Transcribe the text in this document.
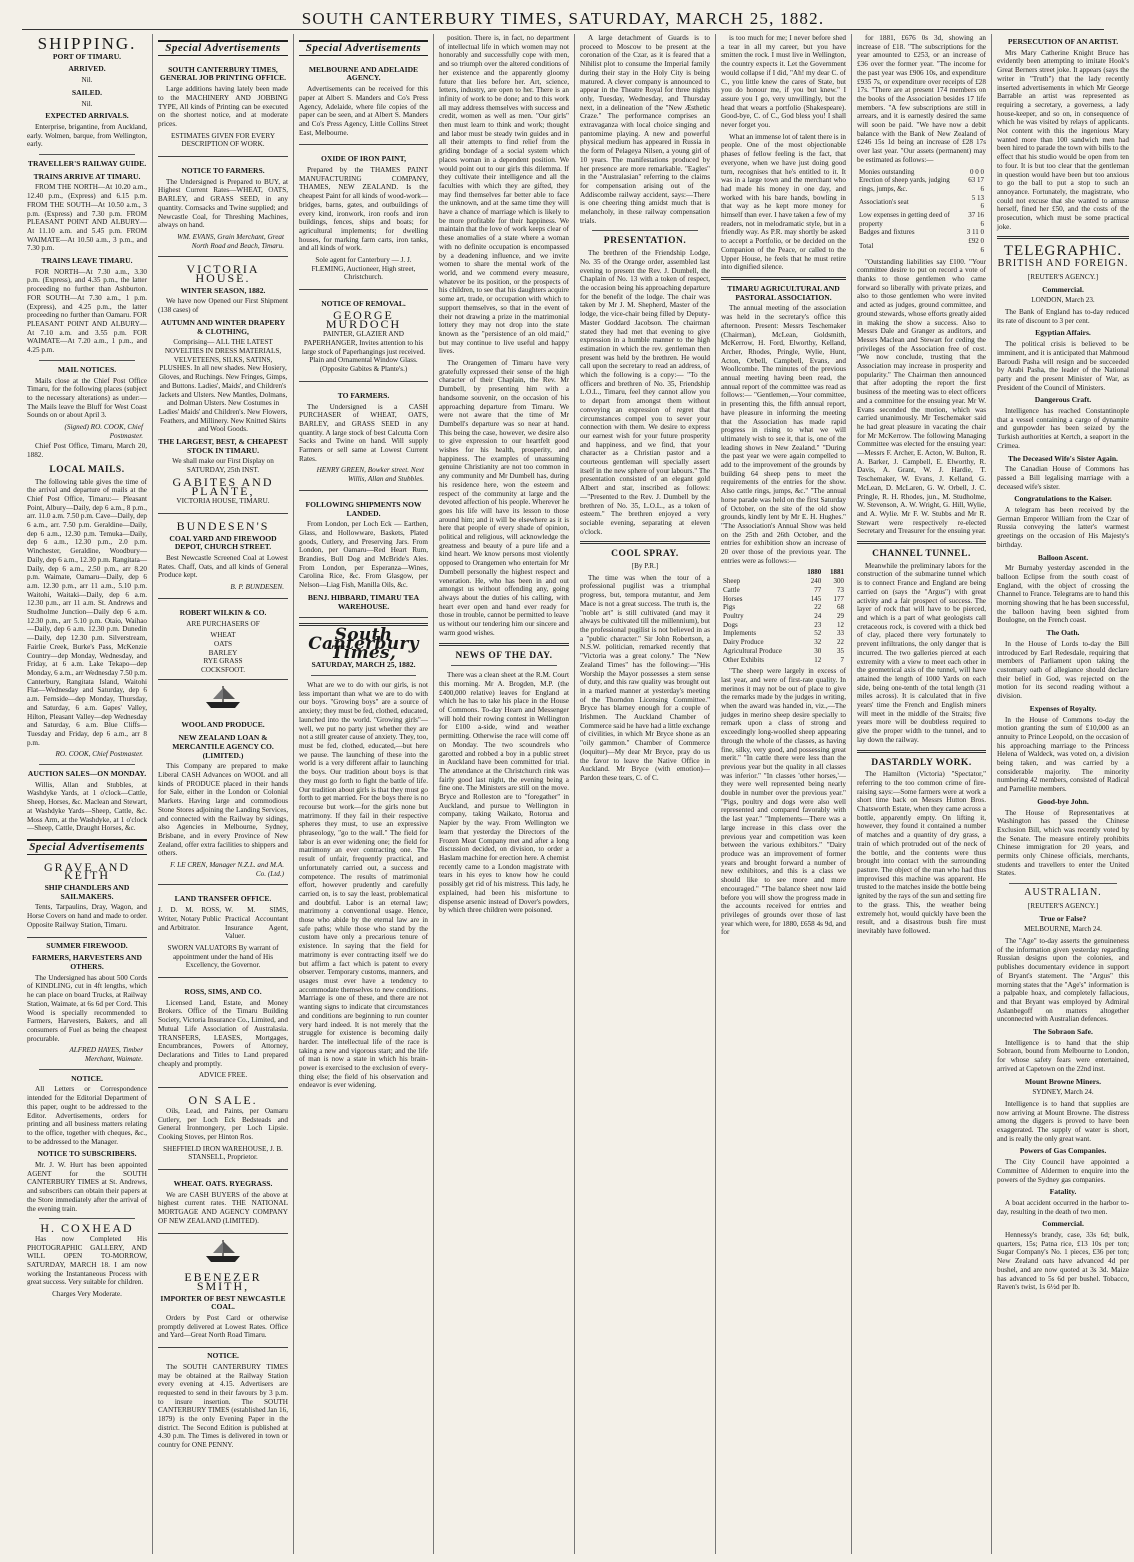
SOUTH CANTERBURY TIMES, SATURDAY, MARCH 25, 1882.
SHIPPING.
PORT OF TIMARU.
ARRIVED.

Nil.

SAILED.

Nil.

EXPECTED ARRIVALS.

Enterprise, brigantine, from Auckland, early. Wolmen, barque, from Wellington, early.

TRAVELLER'S RAILWAY GUIDE.
TRAINS ARRIVE AT TIMARU.

FROM THE NORTH—At 10.20 a.m., 12.40 p.m., (Express) and 6.15 p.m. FROM THE SOUTH—At 10.50 a.m., 3 p.m. (Express) and 7.30 p.m. FROM PLEASANT POINT AND ALBURY—At 11.10 a.m. and 5.45 p.m. FROM WAIMATE—At 10.50 a.m., 3 p.m., and 7.30 p.m.

TRAINS LEAVE TIMARU.

FOR NORTH—At 7.30 a.m., 3.30 p.m. (Express), and 4.35 p.m., the latter proceeding no further than Ashburton. FOR SOUTH—At 7.30 a.m., 1 p.m. (Express), and 4.25 p.m., the latter proceeding no further than Oamaru. FOR PLEASANT POINT AND ALBURY—At 7.10 a.m. and 3.55 p.m. FOR WAIMATE—At 7.20 a.m., 1 p.m., and 4.25 p.m.

MAIL NOTICES.

Mails close at the Chief Post Office Timaru, for the following places (subject to the necessary alterations) as under:— The Mails leave the Bluff for West Coast Sounds on or about April 3.

(Signed) RO. COOK, Chief Postmaster.

Chief Post Office, Timaru, March 20, 1882.

LOCAL MAILS.

The following table gives the time of the arrival and departure of mails at the Chief Post Office, Timaru:— Pleasant Point, Albury—Daily, dep 6 a.m., 8 p.m., arr. 11.0 a.m. 7.50 p.m. Cave—Daily, dep 6 a.m., arr. 7.50 p.m. Geraldine—Daily, dep 6 a.m., 12.30 p.m. Temuka—Daily, dep 6 a.m., 12.30 p.m., 2.0 p.m. Winchester, Geraldine, Woodbury—Daily, dep 6 a.m., 12.30 p.m. Rangitata—Daily, dep 6 a.m., 2.50 p.m., arr 8.20 p.m. Waimate, Oamaru—Daily, dep 6 a.m. 12.30 p.m., arr 11 a.m., 5.10 p.m. Waitohi, Waitaki—Daily, dep 6 a.m. 12.30 p.m., arr 11 a.m. St. Andrews and Studholme Junction—Daily dep 6 a.m. 12.30 p.m., arr 5.10 p.m. Otaio, Waihao—Daily, dep 6 a.m. 12.30 p.m. Dunedin—Daily, dep 12.30 p.m. Silverstream, Fairlie Creek, Burke's Pass, McKenzie Country—dep Monday, Wednesday, and Friday, at 6 a.m. Lake Tekapo—dep Monday, 6 a.m., arr Wednesday 7.50 p.m. Canterbury, Rangitata Island, Waitohi Flat—Wednesday and Saturday, dep 6 a.m. Fernside—dep Monday, Thursday, and Saturday, 6 a.m. Gapes' Valley, Hilton, Pleasant Valley—dep Wednesday and Saturday, 6 a.m. Blue Cliffs—Tuesday and Friday, dep 6 a.m., arr 8 p.m.

RO. COOK, Chief Postmaster.

AUCTION SALES—ON MONDAY.

Willis, Allan and Stubbles, at Washdyke Yards, at 1 o'clock—Cattle, Sheep, Horses, &c. Maclean and Stewart, at Washdyke Yards—Sheep, Cattle, &c. Moss Arm, at the Washdyke, at 1 o'clock—Sheep, Cattle, Draught Horses, &c.

Special Advertisements
GRAVE AND KEITH
SHIP CHANDLERS AND SAILMAKERS.

Tents, Tarpaulins, Dray, Wagon, and Horse Covers on hand and made to order. Opposite Railway Station, Timaru.

SUMMER FIREWOOD.
FARMERS, HARVESTERS AND OTHERS.

The Undersigned has about 500 Cords of KINDLING, cut in 4ft lengths, which he can place on board Trucks, at Railway Station, Waimate, at 6s 6d per Cord. This Wood is specially recommended to Farmers, Harvesters, Bakers, and all consumers of Fuel as being the cheapest procurable.

ALFRED HAYES, Timber Merchant, Waimate.

NOTICE.

All Letters or Correspondence intended for the Editorial Department of this paper, ought to be addressed to the Editor. Advertisements, orders for printing and all business matters relating to the office, together with cheques, &c., to be addressed to the Manager.

NOTICE TO SUBSCRIBERS.

Mr. J. W. Hurt has been appointed AGENT for the SOUTH CANTERBURY TIMES at St. Andrews, and subscribers can obtain their papers at the Store immediately after the arrival of the evening train.

H. COXHEAD

Has now Completed His PHOTOGRAPHIC GALLERY, AND WILL OPEN TO-MORROW, SATURDAY, MARCH 18. I am now working the Instantaneous Process with great success. Very suitable for children.

Charges Very Moderate.

Special Advertisements
SOUTH CANTERBURY TIMES, GENERAL JOB PRINTING OFFICE.

Large additions having lately been made to the MACHINERY AND JOBBING TYPE, All kinds of Printing can be executed on the shortest notice, and at moderate prices.

ESTIMATES GIVEN FOR EVERY DESCRIPTION OF WORK.

NOTICE TO FARMERS.

The Undersigned is Prepared to BUY, at Highest Current Rates—WHEAT, OATS, BARLEY, and GRASS SEED, in any quantity. Cornsacks and Twine supplied; and Newcastle Coal, for Threshing Machines, always on hand.

WM. EVANS, Grain Merchant, Great North Road and Beach, Timaru.

VICTORIA HOUSE.
WINTER SEASON, 1882.

We have now Opened our First Shipment (138 cases) of

AUTUMN AND WINTER DRAPERY & CLOTHING,

Comprising— ALL THE LATEST NOVELTIES IN DRESS MATERIALS, VELVETEENS, SILKS, SATINS, PLUSHES. In all new shades. New Hosiery, Gloves, and Ruchings. New Fringes, Gimps, and Buttons. Ladies', Maids', and Children's Jackets and Ulsters. New Mantles, Dolmans, and Dolman Ulsters. New Costumes in Ladies' Maids' and Children's. New Flowers, Feathers, and Millinery. New Knitted Skirts and Wool Goods.

THE LARGEST, BEST, & CHEAPEST STOCK IN TIMARU.

We shall make our First Display on SATURDAY, 25th INST.

GABITES AND PLANTE,

VICTORIA HOUSE, TIMARU.

BUNDESEN'S
COAL YARD AND FIREWOOD DEPOT, CHURCH STREET.

Best Newcastle Screened Coal at Lowest Rates. Chaff, Oats, and all kinds of General Produce kept.

B. P. BUNDESEN.

ROBERT WILKIN & CO.

ARE PURCHASERS OF

WHEAT

OATS

BARLEY

RYE GRASS

COCKSFOOT.

WOOL AND PRODUCE.
NEW ZEALAND LOAN & MERCANTILE AGENCY CO. (LIMITED.)

This Company are prepared to make Liberal CASH Advances on WOOL and all kinds of PRODUCE placed in their hands for Sale, either in the London or Colonial Markets. Having large and commodious Stone Stores adjoining the Landing Services, and connected with the Railway by sidings, also Agencies in Melbourne, Sydney, Brisbane, and in every Province of New Zealand, offer extra facilities to shippers and others.

F. LE CREN, Manager N.Z.L. and M.A. Co. (Ltd.)

LAND TRANSFER OFFICE.

J. D. M. ROSS, Writer, Notary Public and Arbitrator.

W. M. SIMS, Practical Accountant Insurance Agent, Valuer.

SWORN VALUATORS By warrant of appointment under the hand of His Excellency, the Governor.

ROSS, SIMS, AND CO.

Licensed Land, Estate, and Money Brokers. Office of the Timaru Building Society, Victoria Insurance Co., Limited, and Mutual Life Association of Australasia. TRANSFERS, LEASES, Mortgages, Encumbrances, Powers of Attorney, Declarations and Titles to Land prepared cheaply and promptly.

ADVICE FREE.

ON SALE.

Oils, Lead, and Paints, per Oamaru Cutlery, per Loch Eck Bedsteads and General Ironmongery, per Loch Lipsie. Cooking Stoves, per Hinton Ros.

SHEFFIELD IRON WAREHOUSE, J. B. STANSELL, Proprietor.

WHEAT. OATS. RYEGRASS.

We are CASH BUYERS of the above at highest current rates. THE NATIONAL MORTGAGE AND AGENCY COMPANY OF NEW ZEALAND (LIMITED).

EBENEZER SMITH,
IMPORTER OF BEST NEWCASTLE COAL.

Orders by Post Card or otherwise promptly delivered at Lowest Rates. Office and Yard—Great North Road Timaru.

NOTICE.

The SOUTH CANTERBURY TIMES may be obtained at the Railway Station every evening at 4.15. Advertisers are requested to send in their favours by 3 p.m. to insure insertion. The SOUTH CANTERBURY TIMES (established Jan 16, 1879) is the only Evening Paper in the district. The Second Edition is published at 4.30 p.m. The Times is delivered in town or country for ONE PENNY.

Special Advertisements
MELBOURNE AND ADELAIDE AGENCY.

Advertisements can be received for this paper at Albert S. Manders and Co's Press Agency, Adelaide, where file copies of the paper can be seen, and at Albert S. Manders and Co's Press Agency, Little Collins Street East, Melbourne.

OXIDE OF IRON PAINT,

Prepared by the THAMES PAINT MANUFACTURING COMPANY, THAMES, NEW ZEALAND. Is the cheapest Paint for all kinds of wood-work—bridges, barns, gates, and outbuildings of every kind, ironwork, iron roofs and iron buildings, fences, ships and boats; for agricultural implements; for dwelling houses, for marking farm carts, iron tanks, and all kinds of work.

Sole agent for Canterbury — J. J. FLEMING, Auctioneer, High street, Christchurch.

NOTICE OF REMOVAL.
GEORGE MURDOCH

PAINTER, GLAZIER AND PAPERHANGER, Invites attention to his large stock of Paperhangings just received. Plain and Ornamental Window Glass. (Opposite Gabites & Plante's.)

TO FARMERS.

The Undersigned is a CASH PURCHASER of WHEAT, OATS, BARLEY, and GRASS SEED in any quantity. A large stock of best Calcutta Corn Sacks and Twine on hand. Will supply Farmers or sell same at Lowest Current Rates.

HENRY GREEN, Bowker street. Next Willis, Allan and Stubbles.

FOLLOWING SHIPMENTS NOW LANDED.

From London, per Loch Eck — Earthen, Glass, and Hollowware, Baskets, Plated goods, Cutlery, and Preserving Jars. From London, per Oamaru—Red Heart Rum, Brandies, Bull Dog and McBride's Ales. From London, per Esperanza—Wines, Carolina Rice, &c. From Glasgow, per Nelson—Liag Fish, Manilla Oils, &c.

BENJ. HIBBARD, TIMARU TEA WAREHOUSE.
South Canterbury Times,
SATURDAY, MARCH 25, 1882.

What are we to do with our girls, is not less important than what we are to do with our boys. "Growing boys" are a source of anxiety; they must be fed, clothed, educated, launched into the world. "Growing girls"—well, we put no party just whether they are not a still greater cause of anxiety. They, too, must be fed, clothed, educated,—but here we pause. The launching of these into the world is a very different affair to launching the boys. Our tradition about boys is that they must go forth to fight the battle of life. Our tradition about girls is that they must go forth to get married. For the boys there is no recourse but work—for the girls none but matrimony. If they fail in their respective spheres they must, to use an expressive phraseology, "go to the wall." The field for labor is an ever widening one; the field for matrimony an ever contracting one. The result of unfair, frequently practical, and unfortunately carried out, a success and competence. The results of matrimonial effort, however prudently and carefully carried on, is to say the least, problematical and doubtful. Labor is an eternal law; matrimony a conventional usage. Hence, those who abide by the eternal law are in safe paths; while those who stand by the custom have only a precarious tenure of existence. In saying that the field for matrimony is ever contracting itself we do but affirm a fact which is patent to every observer. Temporary customs, manners, and usages must ever have a tendency to accommodate themselves to new conditions. Marriage is one of these, and there are not wanting signs to indicate that circumstances and conditions are beginning to run counter very hard indeed. It is not merely that the struggle for existence is becoming daily harder. The intellectual life of the race is taking a new and vigorous start; and the life of man is now a state in which his brain-power is exercised to the exclusion of every-thing else; the field of his observation and endeavor is ever widening.

position. There is, in fact, no department of intellectual life in which women may not honorably and successfully cope with men, and so triumph over the altered conditions of her existence and the apparently gloomy future that lies before her. Art, science, letters, industry, are open to her. There is an infinity of work to be done; and to this work all may address themselves with success and credit, women as well as men. "Our girls" then must learn to think and work; thought and labor must be steady twin guides and in all their attempts to find relief from the griding bondage of a social system which places woman in a dependent position. We would point out to our girls this dilemma. If they cultivate their intelligence and all the faculties with which they are gifted, they may find themselves far better able to face the unknown, and at the same time they will have a chance of marriage which is likely to be more profitable for their happiness. We maintain that the love of work keeps clear of these anomalies of a state where a woman with no definite occupation is encompassed by a deadening influence, and we invite women to share the mental work of the world, and we commend every measure, whatever be its position, or the prospects of his children, to see that his daughters acquire some art, trade, or occupation with which to support themselves, so that in the event of their not drawing a prize in the matrimonial lottery they may not drop into the state known as the "persistence of an old maid," but may continue to live useful and happy lives.

The Orangemen of Timaru have very gratefully expressed their sense of the high character of their Chaplain, the Rev. Mr Dumbell, by presenting him with a handsome souvenir, on the occasion of his approaching departure from Timaru. We were not aware that the time of Mr Dumbell's departure was so near at hand. This being the case, however, we desire also to give expression to our heartfelt good wishes for his health, prosperity, and happiness. The examples of unassuming genuine Christianity are not too common in any community and Mr Dumbell has, during his residence here, won the esteem and respect of the community at large and the devoted affection of his people. Wherever he goes his life will have its lesson to those around him; and it will be elsewhere as it is here that people of every shade of opinion, political and religious, will acknowledge the greatness and beauty of a pure life and a kind heart. We know persons most violently opposed to Orangemen who entertain for Mr Dumbell personally the highest respect and veneration. He, who has been in and out amongst us without offending any, going always about the duties of his calling, with heart ever open and hand ever ready for those in trouble, cannot be permitted to leave us without our tendering him our sincere and warm good wishes.

NEWS OF THE DAY.

There was a clean sheet at the R.M. Court this morning. Mr A. Brogden, M.P. (the £400,000 relative) leaves for England at which he has to take his place in the House of Commons. To-day Hearn and Messenger will hold their rowing contest in Wellington for £100 a-side, wind and weather permitting. Otherwise the race will come off on Monday. The two scoundrels who garotted and robbed a boy in a public street in Auckland have been committed for trial. The attendance at the Christchurch rink was fairly good last night, the evening being a fine one. The Ministers are still on the move. Bryce and Rolleston are to "foregather" in Auckland, and pursue to Wellington in company, taking Waikato, Rotorua and Napier by the way. From Wellington we learn that yesterday the Directors of the Frozen Meat Company met and after a long discussion decided, on division, to order a Haslam machine for erection here. A chemist recently came to a London magistrate with tears in his eyes to know how he could possibly get rid of his mistress. This lady, he explained, had been his misfortune to dispense arsenic instead of Dover's powders, by which three children were poisoned.

A large detachment of Guards is to proceed to Moscow to be present at the coronation of the Czar, as it is feared that a Nihilist plot to consume the Imperial family during their stay in the Holy City is being matured. A clever company is announced to appear in the Theatre Royal for three nights only, Tuesday, Wednesday, and Thursday next, in a delineation of the "New Æsthetic Craze." The performance comprises an extravaganza with local choice singing and pantomime playing. A new and powerful physical medium has appeared in Russia in the form of Pelageya Nilsen, a young girl of 10 years. The manifestations produced by her presence are more remarkable. "Eagles" in the "Australasian" referring to the claims for compensation arising out of the Addiscombe railway accident, says:—There is one cheering thing amidst much that is melancholy, in these railway compensation trials.

PRESENTATION.

The brethren of the Friendship Lodge, No. 35 of the Orange order, assembled last evening to present the Rev. J. Dumbell, the Chaplain of No. 13 with a token of respect, the occasion being his approaching departure for the benefit of the lodge. The chair was taken by Mr J. M. Shepherd, Master of the lodge, the vice-chair being filled by Deputy-Master Goddard Jacobson. The chairman stated they had met that evening to give expression in a humble manner to the high estimation in which the rev. gentleman then present was held by the brethren. He would call upon the secretary to read an address, of which the following is a copy:— "To the officers and brethren of No. 35, Friendship L.O.L., Timaru, feel they cannot allow you to depart from amongst them without conveying an expression of regret that circumstances compel you to sever your connection with them. We desire to express our earnest wish for your future prosperity and happiness, and we find, that your character as a Christian pastor and a courteous gentleman will specially assert itself in the new sphere of your labours." The presentation consisted of an elegant gold Albert and star, inscribed as follows:—"Presented to the Rev. J. Dumbell by the brethren of No. 35, L.O.L., as a token of esteem." The brethren enjoyed a very sociable evening, separating at eleven o'clock.

COOL SPRAY.

[By P.R.]

The time was when the tour of a professional pugilist was a triumphal progress, but, tempora mutantur, and Jem Mace is not a great success. The truth is, the "noble art" is still cultivated (and may it always be cultivated till the millennium), but the professional pugilist is not believed in as a "public character." Sir John Robertson, a N.S.W. politician, remarked recently that "Victoria was a great colony." The "New Zealand Times" has the following:—"His Worship the Mayor possesses a stern sense of duty, and this raw quality was brought out in a marked manner at yesterday's meeting of the Thorndon Licensing Committee." Bryce has blarney enough for a couple of Irishmen. The Auckland Chamber of Commerce said he have had a little exchange of civilities, in which Mr Bryce shone as an "oily gammon." Chamber of Commerce (loquitur)—My dear Mr Bryce, pray do us the favor to leave the Native Office in Auckland. Mr Bryce (with emotion)—Pardon these tears, C. of C.

is too much for me; I never before shed a tear in all my career, but you have smitten the rock. I must live in Wellington, the country expects it. Let the Government would collapse if I did, "Ah! my dear C. of C., you little knew the cares of State, but you do honour me, if you but knew." I assure you I go, very unwillingly, but the head that wears a portfolio (Shakespeare). Good-bye, C. of C., God bless you! I shall never forget you.

What an immense lot of talent there is in people. One of the most objectionable phases of fellow feeling is the fact, that everyone, when we have just doing good turn, recognises that he's entitled to it. It was in a large town and the merchant who had made his money in one day, and worked with his bare hands, bowling in that way as he kept more money for himself than ever. I have taken a few of my readers, not in melodramatic style, but in a friendly way. As P.R. may shortly be asked to accept a Portfolio, or be decided on the Companion of the Peace, or called to the Upper House, he feels that he must retire into dignified silence.

TIMARU AGRICULTURAL AND PASTORAL ASSOCIATION.

The annual meeting of the association was held in the secretary's office this afternoon. Present: Messrs Teschemaker (Chairman), McLean, Goldsmith, McKerrow, H. Ford, Elworthy, Kelland, Archer, Rhodes, Pringle, Wylie, Hunt, Acton, Orbell, Campbell, Evans, and Woollcombe. The minutes of the previous annual meeting having been read, the annual report of the committee was read as follows:— "Gentlemen,—Your committee, in presenting this, the fifth annual report, have pleasure in informing the meeting that the Association has made rapid progress in rising to what we will ultimately wish to see it, that is, one of the leading shows in New Zealand." "During the past year we were again compelled to add to the improvement of the grounds by building 64 sheep pens to meet the requirements of the entries for the show. Also cattle rings, jumps, &c." "The annual horse parade was held on the first Saturday of October, on the site of the old show grounds, kindly lent by Mr E. H. Hughes." "The Association's Annual Show was held on the 25th and 26th October, and the entries for exhibition show an increase of 20 over those of the previous year. The entries were as follows:—

	1880	1881
Sheep	240	300
Cattle	77	73
Horses	145	177
Pigs	22	68
Poultry	24	29
Dogs	23	12
Implements	52	33
Dairy Produce	32	22
Agricultural Produce	30	35
Other Exhibits	12	7

"The sheep were largely in excess of last year, and were of first-rate quality. In merinos it may not be out of place to give the remarks made by the judges in writing, when the award was handed in, viz.,—The judges in merino sheep desire specially to remark upon a class of strong and exceedingly long-woolled sheep appearing through the whole of the classes, as having fine, silky, very good, and possessing great merit." "In cattle there were less than the previous year but the quality in all classes was inferior." "In classes 'other horses,'—they were well represented being nearly double in number over the previous year." "Pigs, poultry and dogs were also well represented and compared favorably with the last year." "Implements—There was a large increase in this class over the previous year and competition was keen between the various exhibitors." "Dairy produce was an improvement of former years and brought forward a number of new exhibitors, and this is a class we should like to see more and more encouraged." "The balance sheet now laid before you will show the progress made in the accounts received for entries and privileges of grounds over those of last year which were, for 1880, £658 4s 9d, and for

for 1881, £676 0s 3d, showing an increase of £18. "The subscriptions for the year amounted to £253, or an increase of £36 over the former year. "The income for the past year was £906 10s, and expenditure £935 7s, or expenditure over receipts of £28 17s. "There are at present 174 members on the books of the Association besides 17 life members. "A few subscriptions are still in arrears, and it is earnestly desired the same will soon be paid. "We have now a debit balance with the Bank of New Zealand of £246 15s 1d being an increase of £28 17s over last year. "Our assets (permanent) may be estimated as follows:—

Monies outstanding	0 0 0
Erection of sheep yards, judging rings, jumps, &c.	63 17 6
Association's seat	5 13 6
Low expenses in getting deed of property	37 16 6
Badges and fixtures	3 11 0
Total	£92 0 6

"Outstanding liabilities say £100. "Your committee desire to put on record a vote of thanks to those gentlemen who came forward so liberally with private prizes, and also to those gentlemen who were invited and acted as judges, ground committee, and ground stewards, whose efforts greatly aided in making the show a success. Also to Messrs Dale and Granger as auditors, and Messrs Maclean and Stewart for ceding the privileges of the Association free of cost. "We now conclude, trusting that the Association may increase in prosperity and popularity." The Chairman then announced that after adopting the report the first business of the meeting was to elect officers and a committee for the ensuing year. Mr W. Evans seconded the motion, which was carried unanimously. Mr Teschemaker said he had great pleasure in vacating the chair for Mr McKerrow. The following Managing Committee was elected for the ensuing year:—Messrs F. Archer, E. Acton, W. Bulton, R. A. Barker, J. Campbell, E. Elworthy, R. Davis, A. Grant, W. J. Hardie, T. Teschemaker, W. Evans, J. Kelland, G. McLean, D. McLaren, G. W. Orbell, J. C. Pringle, R. H. Rhodes, jun., M. Studholme, W. Stevenson, A. W. Wright, G. Hill, Wylie, and A. Wylie. Mr F. W. Stubbs and Mr R. Stewart were respectively re-elected Secretary and Treasurer for the ensuing year.

CHANNEL TUNNEL.

Meanwhile the preliminary labors for the construction of the submarine tunnel which is to connect France and England are being carried on (says the "Argus") with great activity and a fair prospect of success. The layer of rock that will have to be pierced, and which is a part of what geologists call cretaceous rock, is covered with a thick bed of clay, placed there very fortunately to prevent infiltrations, the only danger that is incurred. The two galleries pierced at each extremity with a view to meet each other in the geometrical axis of the tunnel, will have attained the length of 1000 Yards on each side, being one-tenth of the total length (31 miles across). It is calculated that in five years' time the French and English miners will meet in the middle of the Straits; five years more will be doubtless required to give the proper width to the tunnel, and to lay down the railway.

DASTARDLY WORK.

The Hamilton (Victoria) "Spectator," referring to the too common crime of fire-raising says:—Some farmers were at work a short time back on Messrs Hutton Bros. Chatsworth Estate, when they came across a bottle, apparently empty. On lifting it, however, they found it contained a number of matches and a quantity of dry grass, a train of which protruded out of the neck of the bottle, and the contents were thus brought into contact with the surrounding pasture. The object of the man who had thus improvised this machine was apparent. He trusted to the matches inside the bottle being ignited by the rays of the sun and setting fire to the grass. This, the weather being extremely hot, would quickly have been the result, and a disastrous bush fire must inevitably have followed.

PERSECUTION OF AN ARTIST.

Mrs Mary Catherine Knight Bruce has evidently been attempting to imitate Hook's Great Berners street joke. It appears (says the writer in "Truth") that the lady recently inserted advertisements in which Mr George Barrable an artist was represented as requiring a secretary, a governess, a lady house-keeper, and so on, in consequence of which he was visited by relays of applicants. Not content with this the ingenious Mary wanted more than 100 sandwich men had been hired to parade the town with bills to the effect that his studio would be open from ten to four. It is but too clear that the gentleman in question would have been but too anxious to go the ball to put a stop to such an annoyance. Fortunately, the magistrate, who could not excuse that she wanted to amuse herself, fined her £50, and the costs of the prosecution, which must be some practical joke.

TELEGRAPHIC.
BRITISH AND FOREIGN.

[REUTER'S AGENCY.]

Commercial.

LONDON, March 23.

The Bank of England has to-day reduced its rate of discount to 3 per cent.

Egyptian Affairs.

The political crisis is believed to be imminent, and it is anticipated that Mahmoud Baroudi Pasha will resign and be succeeded by Arabi Pasha, the leader of the National party and the present Minister of War, as President of the Council of Ministers.

Dangerous Craft.

Intelligence has reached Constantinople that a vessel containing a cargo of dynamite and gunpowder has been seized by the Turkish authorities at Kertch, a seaport in the Crimea.

The Deceased Wife's Sister Again.

The Canadian House of Commons has passed a Bill legalising marriage with a deceased wife's sister.

Congratulations to the Kaiser.

A telegram has been received by the German Emperor William from the Czar of Russia conveying the latter's warmest greetings on the occasion of His Majesty's birthday.

Balloon Ascent.

Mr Burnaby yesterday ascended in the balloon Eclipse from the south coast of England, with the object of crossing the Channel to France. Telegrams are to hand this morning showing that he has been successful, the balloon having been sighted from Boulogne, on the French coast.

The Oath.

In the House of Lords to-day the Bill introduced by Earl Redesdale, requiring that members of Parliament upon taking the customary oath of allegiance should declare their belief in God, was rejected on the motion for its second reading without a division.

Expenses of Royalty.

In the House of Commons to-day the motion granting the sum of £10,000 as an annuity to Prince Leopold, on the occasion of his approaching marriage to the Princess Helena of Waldeck, was voted on, a division being taken, and was carried by a considerable majority. The minority numbering 42 members, consisted of Radical and Parnellite members.

Good-bye John.

The House of Representatives at Washington has passed the Chinese Exclusion Bill, which was recently voted by the Senate. The measure entirely prohibits Chinese immigration for 20 years, and permits only Chinese officials, merchants, students and travellers to enter the United States.

AUSTRALIAN.

[REUTER'S AGENCY.]

True or False?

MELBOURNE, March 24.

The "Age" to-day asserts the genuineness of the information given yesterday regarding Russian designs upon the colonies, and publishes documentary evidence in support of Bryant's statement. The "Argus" this morning states that the "Age's" information is a palpable hoax, and completely fallacious, and that Bryant was employed by Admiral Aslanbegoff on matters altogether unconnected with Australian defences.

The Sobraon Safe.

Intelligence is to hand that the ship Sobraon, bound from Melbourne to London, for whose safety fears were entertained, arrived at Capetown on the 22nd inst.

Mount Browne Miners.

SYDNEY, March 24.

Intelligence is to hand that supplies are now arriving at Mount Browne. The distress among the diggers is proved to have been exaggerated. The supply of water is short, and is really the only great want.

Powers of Gas Companies.

The City Council have appointed a Committee of Aldermen to enquire into the powers of the Sydney gas companies.

Fatality.

A boat accident occurred in the harbor to-day, resulting in the death of two men.

Commercial.

Hennessy's brandy, case, 33s 6d; bulk, quarters, 15s; Patna rice, £13 10s per ton; Sugar Company's No. 1 pieces, £36 per ton; New Zealand oats have advanced 4d per bushel, and are now quoted at 3s 3d. Maize has advanced to 5s 6d per bushel. Tobacco, Raven's twist, 1s 6½d per lb.
